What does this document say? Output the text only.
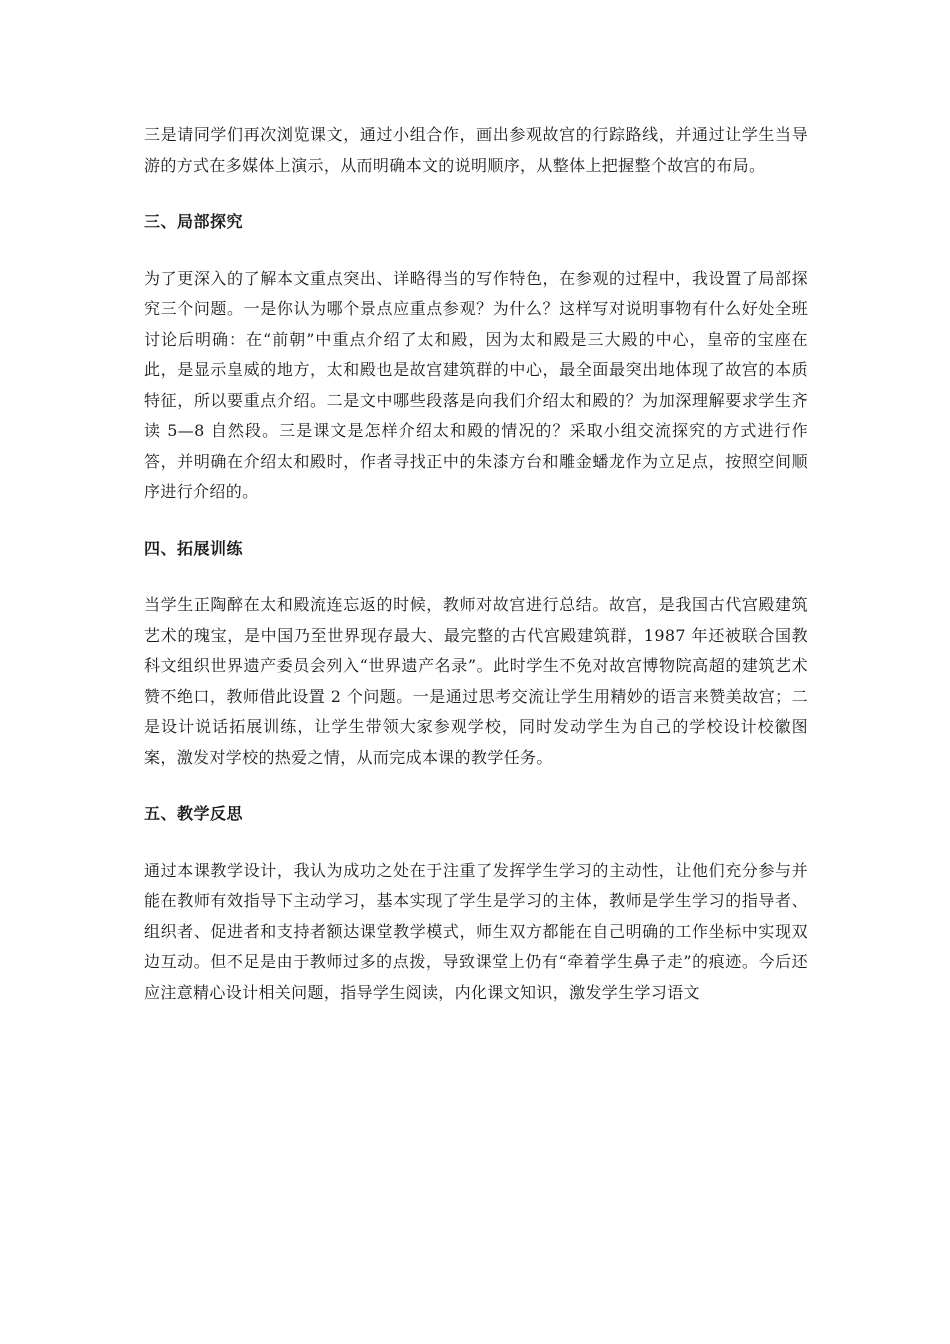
三是请同学们再次浏览课文，通过小组合作，画出参观故宫的行踪路线，并通过让学生当导游的方式在多媒体上演示，从而明确本文的说明顺序，从整体上把握整个故宫的布局。

三、局部探究

为了更深入的了解本文重点突出、详略得当的写作特色，在参观的过程中，我设置了局部探究三个问题。一是你认为哪个景点应重点参观？为什么？这样写对说明事物有什么好处全班讨论后明确：在“前朝”中重点介绍了太和殿，因为太和殿是三大殿的中心，皇帝的宝座在此，是显示皇威的地方，太和殿也是故宫建筑群的中心，最全面最突出地体现了故宫的本质特征，所以要重点介绍。二是文中哪些段落是向我们介绍太和殿的？为加深理解要求学生齐读 5—8 自然段。三是课文是怎样介绍太和殿的情况的？采取小组交流探究的方式进行作答，并明确在介绍太和殿时，作者寻找正中的朱漆方台和雕金蟠龙作为立足点，按照空间顺序进行介绍的。

四、拓展训练

当学生正陶醉在太和殿流连忘返的时候，教师对故宫进行总结。故宫，是我国古代宫殿建筑艺术的瑰宝，是中国乃至世界现存最大、最完整的古代宫殿建筑群，1987 年还被联合国教科文组织世界遗产委员会列入“世界遗产名录”。此时学生不免对故宫博物院高超的建筑艺术赞不绝口，教师借此设置 2 个问题。一是通过思考交流让学生用精妙的语言来赞美故宫；二是设计说话拓展训练，让学生带领大家参观学校，同时发动学生为自己的学校设计校徽图案，激发对学校的热爱之情，从而完成本课的教学任务。

五、教学反思

通过本课教学设计，我认为成功之处在于注重了发挥学生学习的主动性，让他们充分参与并能在教师有效指导下主动学习，基本实现了学生是学习的主体，教师是学生学习的指导者、组织者、促进者和支持者额达课堂教学模式，师生双方都能在自己明确的工作坐标中实现双边互动。但不足是由于教师过多的点拨，导致课堂上仍有“牵着学生鼻子走”的痕迹。今后还应注意精心设计相关问题，指导学生阅读，内化课文知识，激发学生学习语文
